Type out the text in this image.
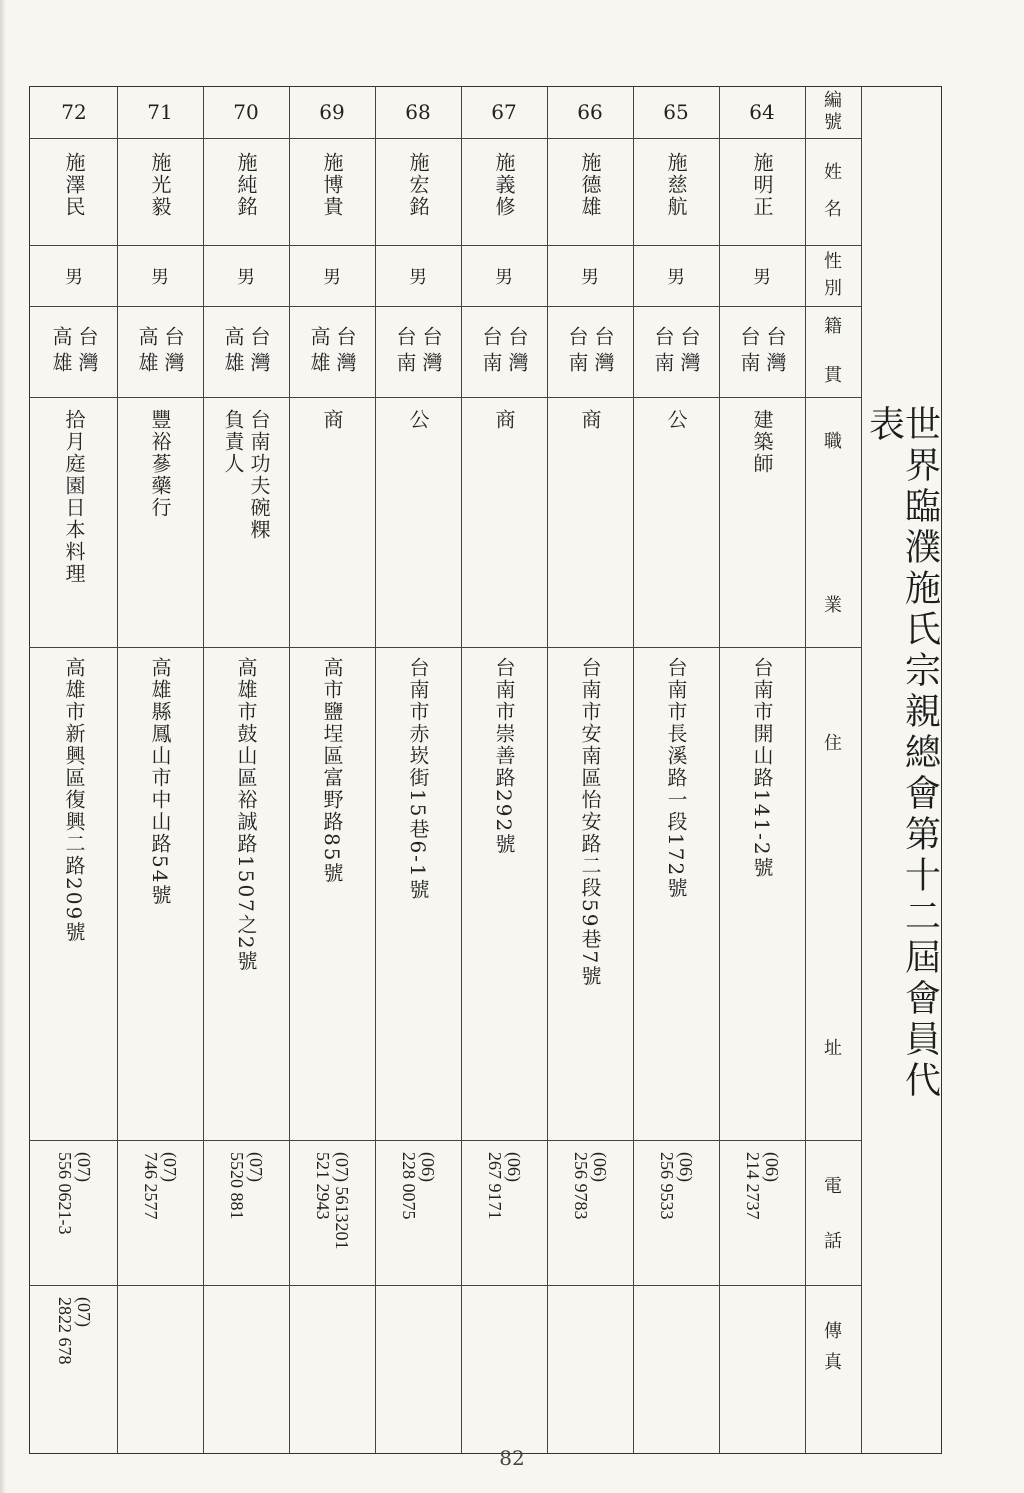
世界臨濮施氏宗親總會第十二屆會員代表
編
號
姓
名
性
別
籍
貫
職
業
住
址
電
話
傳
真
64
施明正
男
台灣
台南
建築師
台南市開山路141-2號
(06)
214 2737
65
施慈航
男
台灣
台南
公
台南市長溪路一段172號
(06)
256 9533
66
施德雄
男
台灣
台南
商
台南市安南區怡安路二段59巷7號
(06)
256 9783
67
施義修
男
台灣
台南
商
台南市崇善路292號
(06)
267 9171
68
施宏銘
男
台灣
台南
公
台南市赤崁街15巷6-1號
(06)
228 0075
69
施博貴
男
台灣
高雄
商
高市鹽埕區富野路85號
(07) 5613201
521 2943
70
施純銘
男
台灣
高雄
台南功夫碗粿
負責人
高雄市鼓山區裕誠路1507之2號
(07)
5520 881
71
施光毅
男
台灣
高雄
豐裕蔘藥行
高雄縣鳳山市中山路54號
(07)
746 2577
72
施澤民
男
台灣
高雄
拾月庭園日本料理
高雄市新興區復興二路209號
(07)
556 0621-3
(07)
2822 678
82
